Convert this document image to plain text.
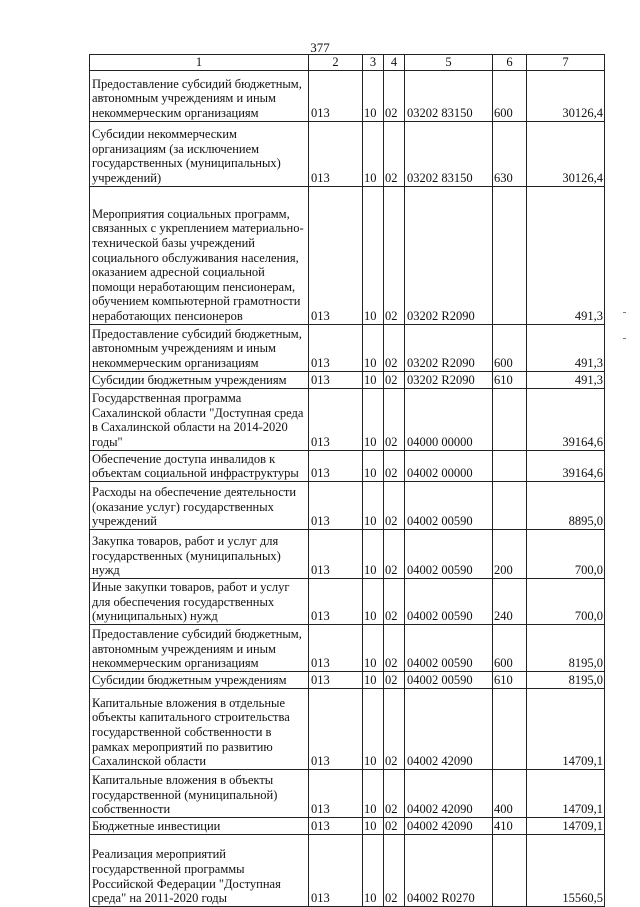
377
1	2	3	4	5	6	7
Предоставление субсидий бюджетным, автономным учреждениям и иным некоммерческим организациям	013	10	02	03202 83150	600	30126,4
Субсидии некоммерческим организациям (за исключением государственных (муниципальных) учреждений)	013	10	02	03202 83150	630	30126,4
Мероприятия социальных программ, связанных с укреплением материально-технической базы учреждений социального обслуживания населения, оказанием адресной социальной помощи неработающим пенсионерам, обучением компьютерной грамотности неработающих пенсионеров	013	10	02	03202 R2090		491,3
Предоставление субсидий бюджетным, автономным учреждениям и иным некоммерческим организациям	013	10	02	03202 R2090	600	491,3
Субсидии бюджетным учреждениям	013	10	02	03202 R2090	610	491,3
Государственная программа Сахалинской области "Доступная среда в Сахалинской области на 2014-2020 годы"	013	10	02	04000 00000		39164,6
Обеспечение доступа инвалидов к объектам социальной инфраструктуры	013	10	02	04002 00000		39164,6
Расходы на обеспечение деятельности (оказание услуг) государственных учреждений	013	10	02	04002 00590		8895,0
Закупка товаров, работ и услуг для государственных (муниципальных) нужд	013	10	02	04002 00590	200	700,0
Иные закупки товаров, работ и услуг для обеспечения государственных (муниципальных) нужд	013	10	02	04002 00590	240	700,0
Предоставление субсидий бюджетным, автономным учреждениям и иным некоммерческим организациям	013	10	02	04002 00590	600	8195,0
Субсидии бюджетным учреждениям	013	10	02	04002 00590	610	8195,0
Капитальные вложения в отдельные объекты капитального строительства государственной собственности в рамках мероприятий по развитию Сахалинской области	013	10	02	04002 42090		14709,1
Капитальные вложения в объекты государственной (муниципальной) собственности	013	10	02	04002 42090	400	14709,1
Бюджетные инвестиции	013	10	02	04002 42090	410	14709,1
Реализация мероприятий государственной программы Российской Федерации "Доступная среда" на 2011-2020 годы	013	10	02	04002 R0270		15560,5
